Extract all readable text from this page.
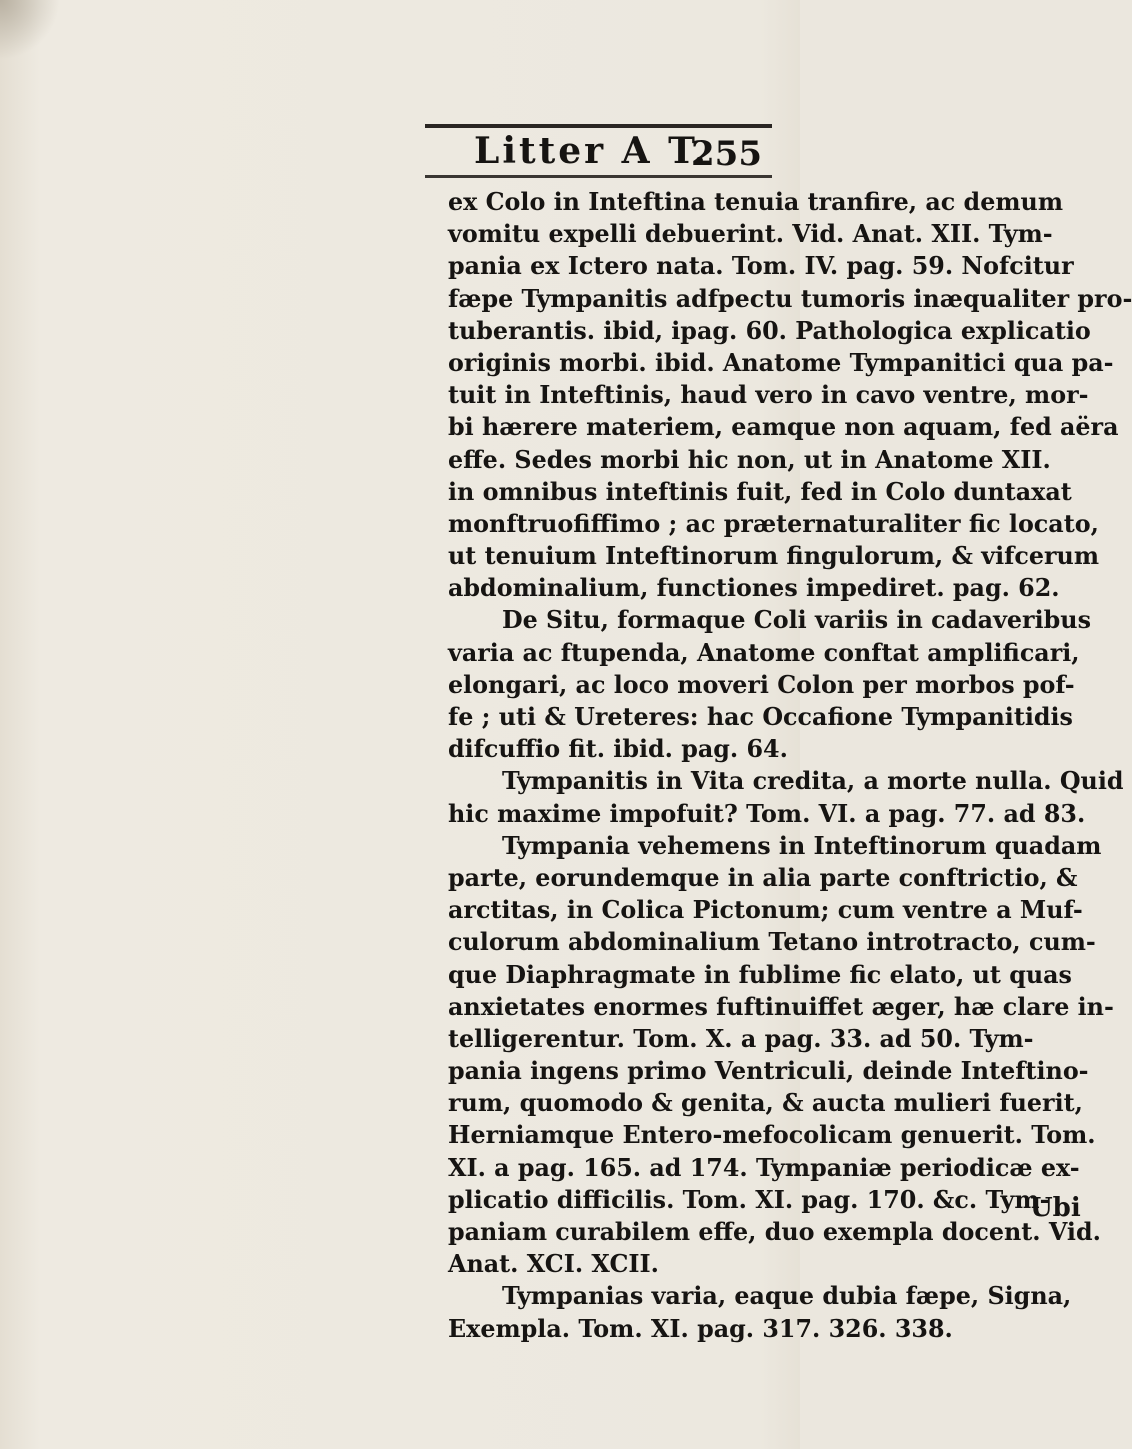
Litter A T.
255
ex Colo in Inteftina tenuia tranfire, ac demum
vomitu expelli debuerint. Vid. Anat. XII. Tym-
pania ex Ictero nata. Tom. IV. pag. 59. Nofcitur
fæpe Tympanitis adfpectu tumoris inæqualiter pro-
tuberantis. ibid, ipag. 60. Pathologica explicatio
originis morbi. ibid. Anatome Tympanitici qua pa-
tuit in Inteftinis, haud vero in cavo ventre, mor-
bi hærere materiem, eamque non aquam, fed aëra
effe. Sedes morbi hic non, ut in Anatome XII.
in omnibus inteftinis fuit, fed in Colo duntaxat
monftruofiffimo ; ac præternaturaliter fic locato,
ut tenuium Inteftinorum fingulorum, & vifcerum
abdominalium, functiones impediret. pag. 62.
De Situ, formaque Coli variis in cadaveribus
varia ac ftupenda, Anatome conftat amplificari,
elongari, ac loco moveri Colon per morbos pof-
fe ; uti & Ureteres: hac Occafione Tympanitidis
difcuffio fit. ibid. pag. 64.
Tympanitis in Vita credita, a morte nulla. Quid
hic maxime impofuit? Tom. VI. a pag. 77. ad 83.
Tympania vehemens in Inteftinorum quadam
parte, eorundemque in alia parte conftrictio, &
arctitas, in Colica Pictonum; cum ventre a Muf-
culorum abdominalium Tetano introtracto, cum-
que Diaphragmate in fublime fic elato, ut quas
anxietates enormes fuftinuiffet æger, hæ clare in-
telligerentur. Tom. X. a pag. 33. ad 50. Tym-
pania ingens primo Ventriculi, deinde Inteftino-
rum, quomodo & genita, & aucta mulieri fuerit,
Herniamque Entero-mefocolicam genuerit. Tom.
XI. a pag. 165. ad 174. Tympaniæ periodicæ ex-
plicatio difficilis. Tom. XI. pag. 170. &c. Tym-
paniam curabilem effe, duo exempla docent. Vid.
Anat. XCI. XCII.
Tympanias varia, eaque dubia fæpe, Signa,
Exempla. Tom. XI. pag. 317. 326. 338.
Ubi
